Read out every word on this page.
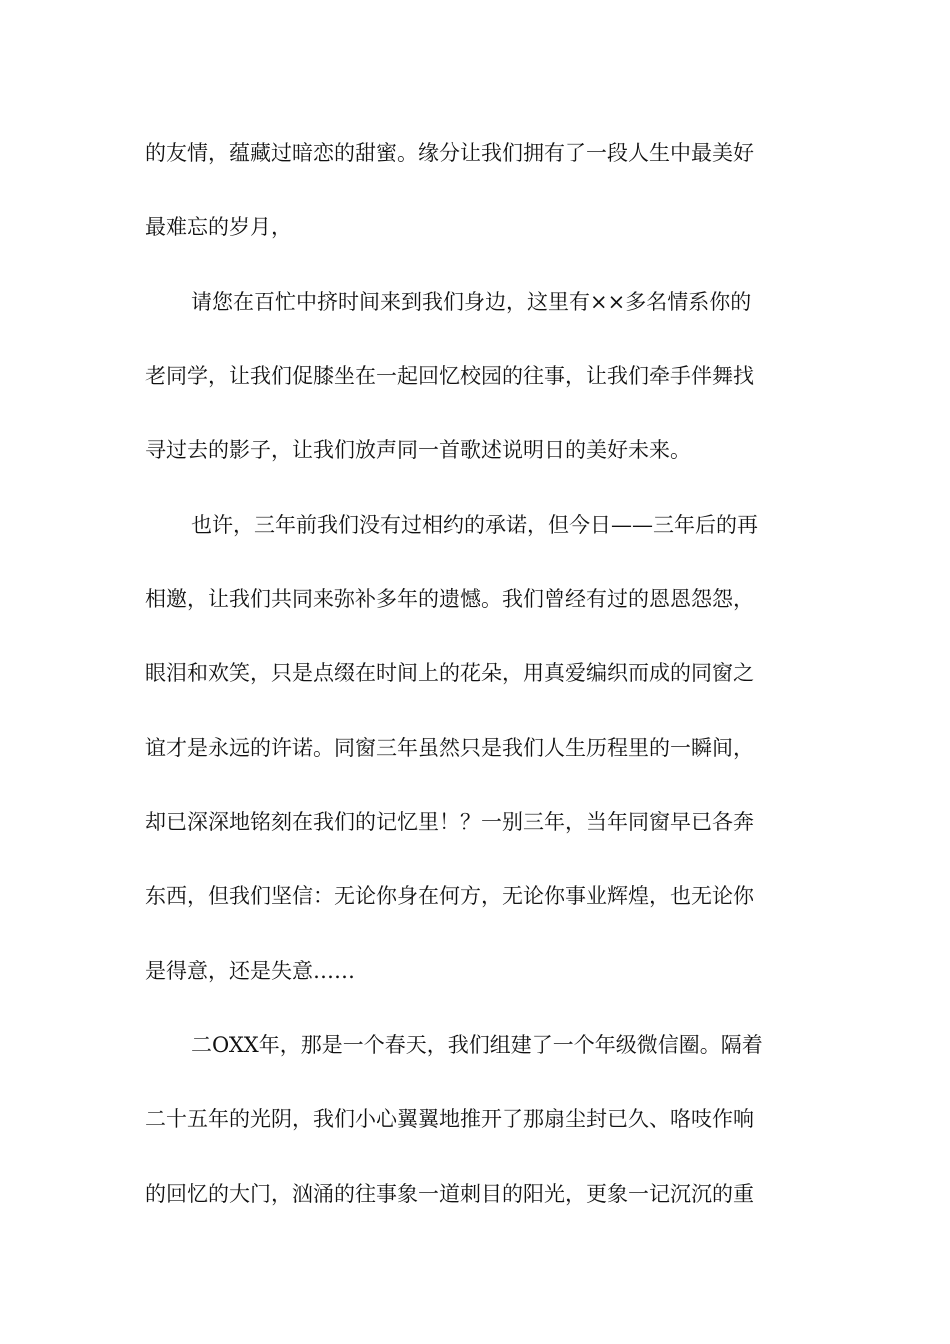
的友情，蕴藏过暗恋的甜蜜。缘分让我们拥有了一段人生中最美好
最难忘的岁月，
请您在百忙中挤时间来到我们身边，这里有××多名情系你的
老同学，让我们促膝坐在一起回忆校园的往事，让我们牵手伴舞找
寻过去的影子，让我们放声同一首歌述说明日的美好未来。
也许，三年前我们没有过相约的承诺，但今日——三年后的再
相邀，让我们共同来弥补多年的遗憾。我们曾经有过的恩恩怨怨，
眼泪和欢笑，只是点缀在时间上的花朵，用真爱编织而成的同窗之
谊才是永远的许诺。同窗三年虽然只是我们人生历程里的一瞬间，
却已深深地铭刻在我们的记忆里！？一别三年，当年同窗早已各奔
东西，但我们坚信：无论你身在何方，无论你事业辉煌，也无论你
是得意，还是失意……
二OXX年，那是一个春天，我们组建了一个年级微信圈。隔着
二十五年的光阴，我们小心翼翼地推开了那扇尘封已久、咯吱作响
的回忆的大门，汹涌的往事象一道刺目的阳光，更象一记沉沉的重
